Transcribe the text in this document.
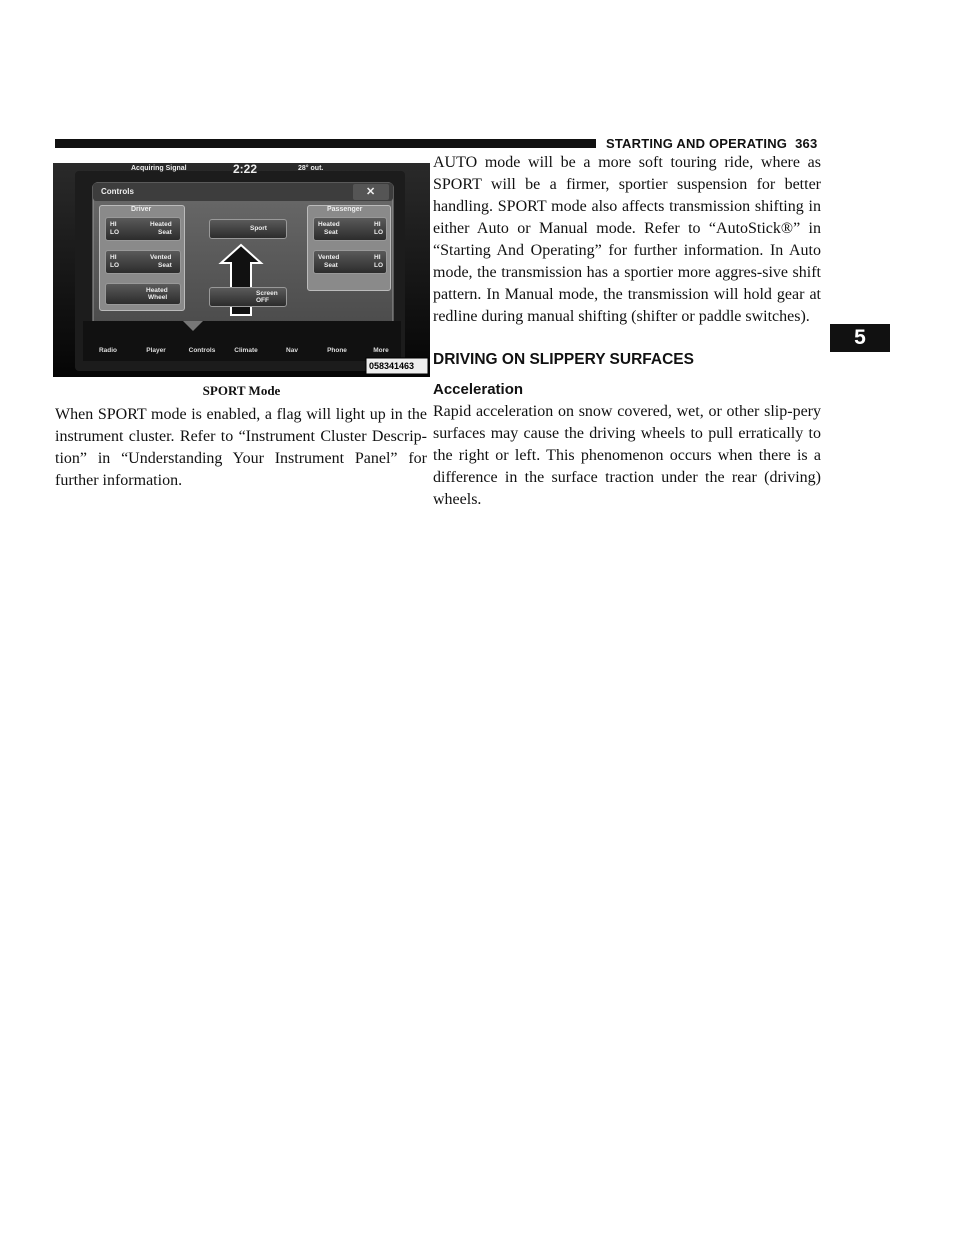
STARTING AND OPERATING 363
5
Acquiring Signal	2:22	28° out.
Controls	✕
Driver
HI
LO
Heated
Seat
HI
LO
Vented
Seat
Heated
Wheel
Sport
Screen
OFF
Passenger
Heated
Seat
HI
LO
Vented
Seat
HI
LO
Radio	Player	Controls	Climate	Nav	Phone	More
058341463
SPORT Mode

When SPORT mode is enabled, a flag will light up in the instrument cluster. Refer to “Instrument Cluster Descrip-tion” in “Understanding Your Instrument Panel” for further information.

AUTO mode will be a more soft touring ride, where as SPORT will be a firmer, sportier suspension for better handling. SPORT mode also affects transmission shifting in either Auto or Manual mode. Refer to “AutoStick®” in “Starting And Operating” for further information. In Auto mode, the transmission has a sportier more aggres-sive shift pattern. In Manual mode, the transmission will hold gear at redline during manual shifting (shifter or paddle switches).

DRIVING ON SLIPPERY SURFACES
Acceleration

Rapid acceleration on snow covered, wet, or other slip-pery surfaces may cause the driving wheels to pull erratically to the right or left. This phenomenon occurs when there is a difference in the surface traction under the rear (driving) wheels.
